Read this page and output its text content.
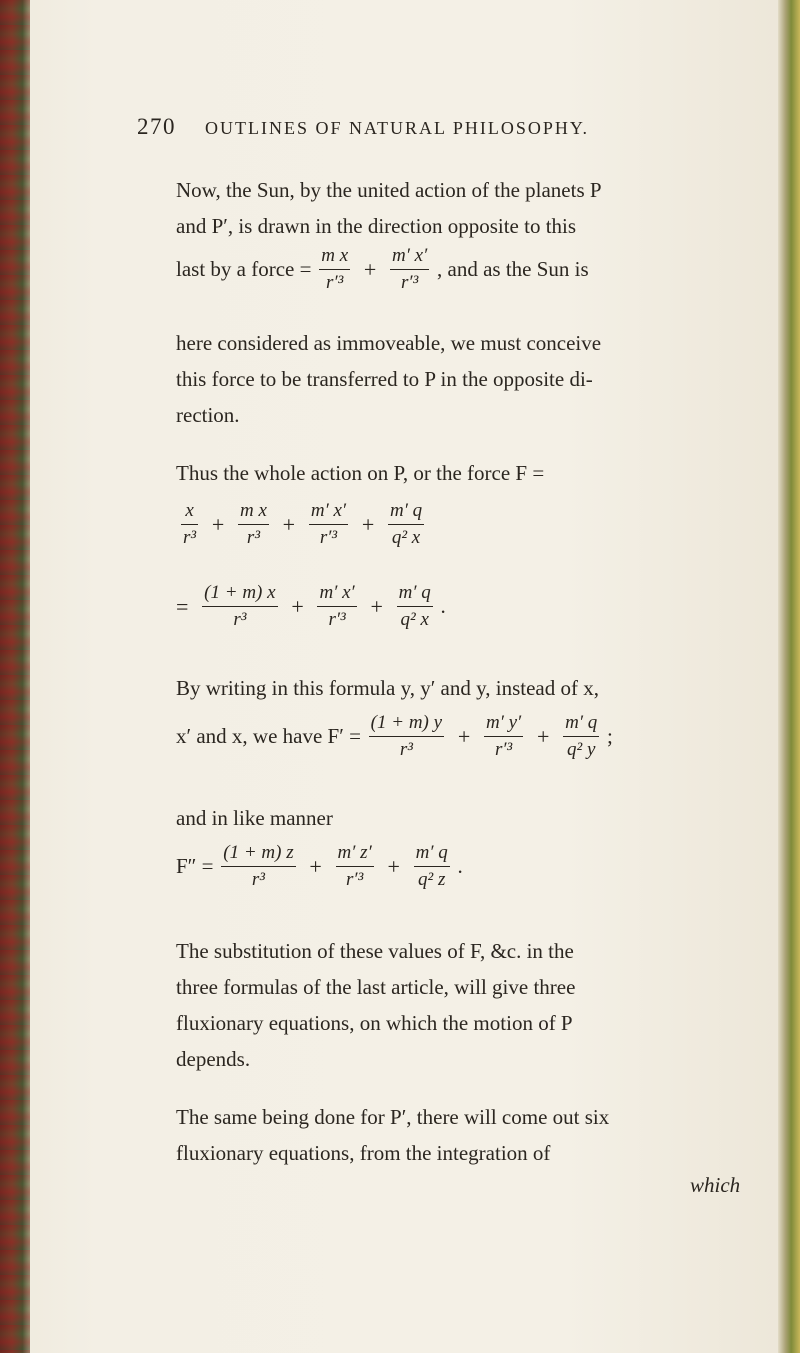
270 OUTLINES OF NATURAL PHILOSOPHY.
Now, the Sun, by the united action of the planets P
and P′, is drawn in the direction opposite to this
last by a force = $\frac{\text{m x}}{\text{r′³}} + \frac{m' x'}{\text{r′³}}$ , and as the Sun is
here considered as immoveable, we must conceive
this force to be transferred to P in the opposite di-
rection.
Thus the whole action on P, or the force F =
$\frac{x}{\text{r³}} + \frac{\text{m x}}{\text{r³}} + \frac{m' x'}{\text{r′³}} + \frac{m' q}{\text{q² x}}$
= $\frac{(1 + m) x}{\text{r³}} + \frac{m' x'}{\text{r′³}} + \frac{m' q}{\text{q² x}}$ .
By writing in this formula y, y′ and y, instead of x,
x′ and x, we have $F' = \frac{(1 + m) y}{\text{r³}} + \frac{m' y'}{\text{r′³}} + \frac{m' q}{\text{q² y}}$ ;
and in like manner
$F'' = \frac{(1 + m) z}{\text{r³}} + \frac{m' z'}{\text{r′³}} + \frac{m' q}{\text{q² z}}$ .
The substitution of these values of F, &c. in the
three formulas of the last article, will give three
fluxionary equations, on which the motion of P
depends.
The same being done for P′, there will come out six
fluxionary equations, from the integration of
which
